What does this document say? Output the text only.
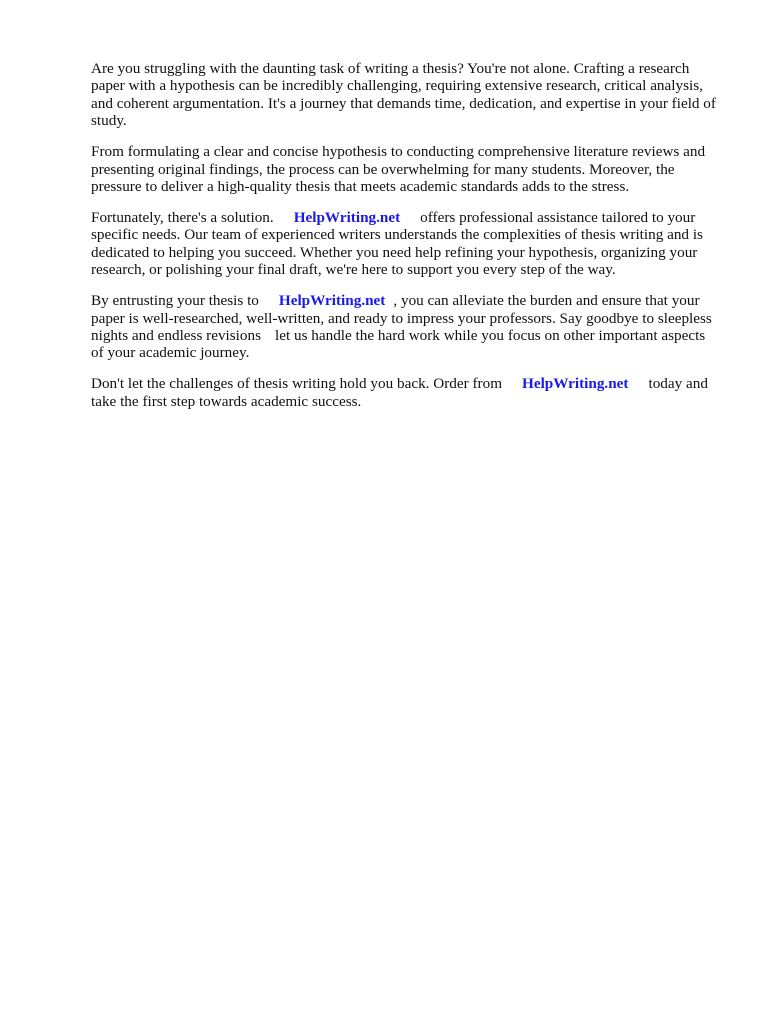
Are you struggling with the daunting task of writing a thesis? You're not alone. Crafting a research paper with a hypothesis can be incredibly challenging, requiring extensive research, critical analysis, and coherent argumentation. It's a journey that demands time, dedication, and expertise in your field of study.

From formulating a clear and concise hypothesis to conducting comprehensive literature reviews and presenting original findings, the process can be overwhelming for many students. Moreover, the pressure to deliver a high-quality thesis that meets academic standards adds to the stress.

Fortunately, there's a solution. HelpWriting.net offers professional assistance tailored to your specific needs. Our team of experienced writers understands the complexities of thesis writing and is dedicated to helping you succeed. Whether you need help refining your hypothesis, organizing your research, or polishing your final draft, we're here to support you every step of the way.

By entrusting your thesis to HelpWriting.net , you can alleviate the burden and ensure that your paper is well-researched, well-written, and ready to impress your professors. Say goodbye to sleepless nights and endless revisions let us handle the hard work while you focus on other important aspects of your academic journey.

Don't let the challenges of thesis writing hold you back. Order from HelpWriting.net today and take the first step towards academic success.
